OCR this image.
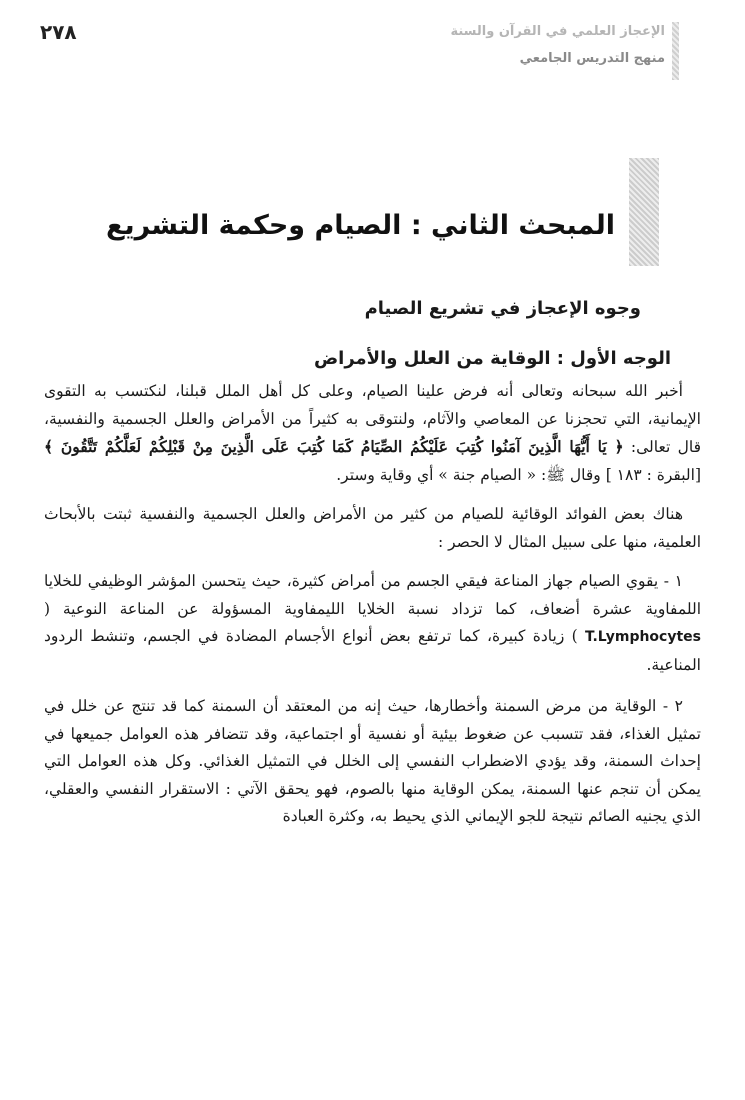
٢٧٨	الإعجاز العلمي في القرآن والسنة
منهج التدريس الجامعي
المبحث الثاني : الصيام وحكمة التشريع
وجوه الإعجاز في تشريع الصيام
الوجه الأول : الوقاية من العلل والأمراض

أخبر الله سبحانه وتعالى أنه فرض علينا الصيام، وعلى كل أهل الملل قبلنا، لنكتسب به التقوى الإيمانية، التي تحجزنا عن المعاصي والآثام، ولنتوقى به كثيراً من الأمراض والعلل الجسمية والنفسية، قال تعالى: ﴿ يَا أَيُّهَا الَّذِينَ آمَنُوا كُتِبَ عَلَيْكُمُ الصِّيَامُ كَمَا كُتِبَ عَلَى الَّذِينَ مِنْ قَبْلِكُمْ لَعَلَّكُمْ تَتَّقُونَ ﴾ [البقرة : ١٨٣ ] وقال ﷺ: « الصيام جنة » أي وقاية وستر.

هناك بعض الفوائد الوقائية للصيام من كثير من الأمراض والعلل الجسمية والنفسية ثبتت بالأبحاث العلمية، منها على سبيل المثال لا الحصر :

١ - يقوي الصيام جهاز المناعة فيقي الجسم من أمراض كثيرة، حيث يتحسن المؤشر الوظيفي للخلايا اللمفاوية عشرة أضعاف، كما تزداد نسبة الخلايا الليمفاوية المسؤولة عن المناعة النوعية ( T.Lymphocytes ) زيادة كبيرة، كما ترتفع بعض أنواع الأجسام المضادة في الجسم، وتنشط الردود المناعية.

٢ - الوقاية من مرض السمنة وأخطارها، حيث إنه من المعتقد أن السمنة كما قد تنتج عن خلل في تمثيل الغذاء، فقد تتسبب عن ضغوط بيئية أو نفسية أو اجتماعية، وقد تتضافر هذه العوامل جميعها في إحداث السمنة، وقد يؤدي الاضطراب النفسي إلى الخلل في التمثيل الغذائي. وكل هذه العوامل التي يمكن أن تنجم عنها السمنة، يمكن الوقاية منها بالصوم، فهو يحقق الآتي : الاستقرار النفسي والعقلي، الذي يجنيه الصائم نتيجة للجو الإيماني الذي يحيط به، وكثرة العبادة
